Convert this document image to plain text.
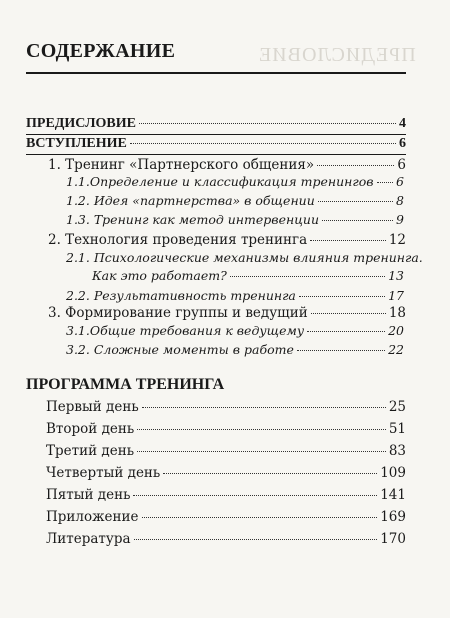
ПРЕДИСЛОВИЕ
СОДЕРЖАНИЕ
ПРЕДИСЛОВИЕ	4
ВСТУПЛЕНИЕ	6
1. Тренинг «Партнерского общения»	6
1.1.Определение и классификация тренингов 6
1.2. Идея «партнерства» в общении	8
1.3. Тренинг как метод интервенции	9
2. Технология проведения тренинга	12
2.1. Психологические механизмы влияния тренинга.
Как это работает?	13
2.2. Результативность тренинга	17
3. Формирование группы и ведущий	18
3.1.Общие требования к ведущему	20
3.2. Сложные моменты в работе	22
ПРОГРАММА ТРЕНИНГА
Первый день	25
Второй день	51
Третий день	83
Четвертый день	109
Пятый день	141
Приложение	169
Литература	170
